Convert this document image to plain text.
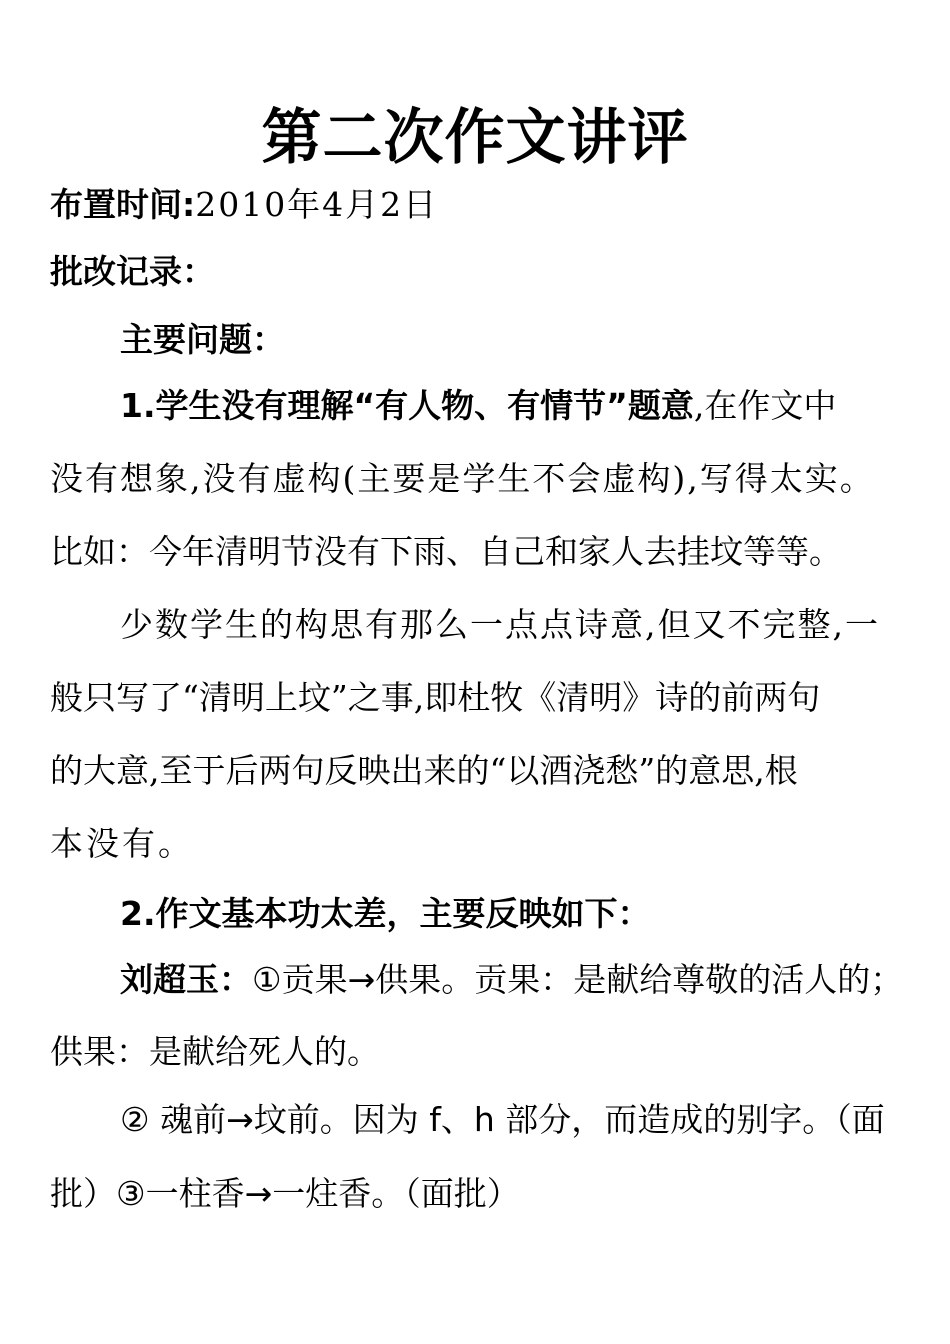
第二次作文讲评
布置时间:2010年4月2日
批改记录：
主要问题：
1.学生没有理解“有人物、有情节”题意,在作文中
没有想象,没有虚构(主要是学生不会虚构),写得太实。
比如：今年清明节没有下雨、自己和家人去挂坟等等。
少数学生的构思有那么一点点诗意,但又不完整,一
般只写了“清明上坟”之事,即杜牧《清明》诗的前两句
的大意,至于后两句反映出来的“以酒浇愁”的意思,根
本没有。
2.作文基本功太差，主要反映如下：
刘超玉：①贡果→供果。贡果：是献给尊敬的活人的；
供果：是献给死人的。
② 魂前→坟前。因为 f、h 部分，而造成的别字。（面
批）③一柱香→一炷香。（面批）
